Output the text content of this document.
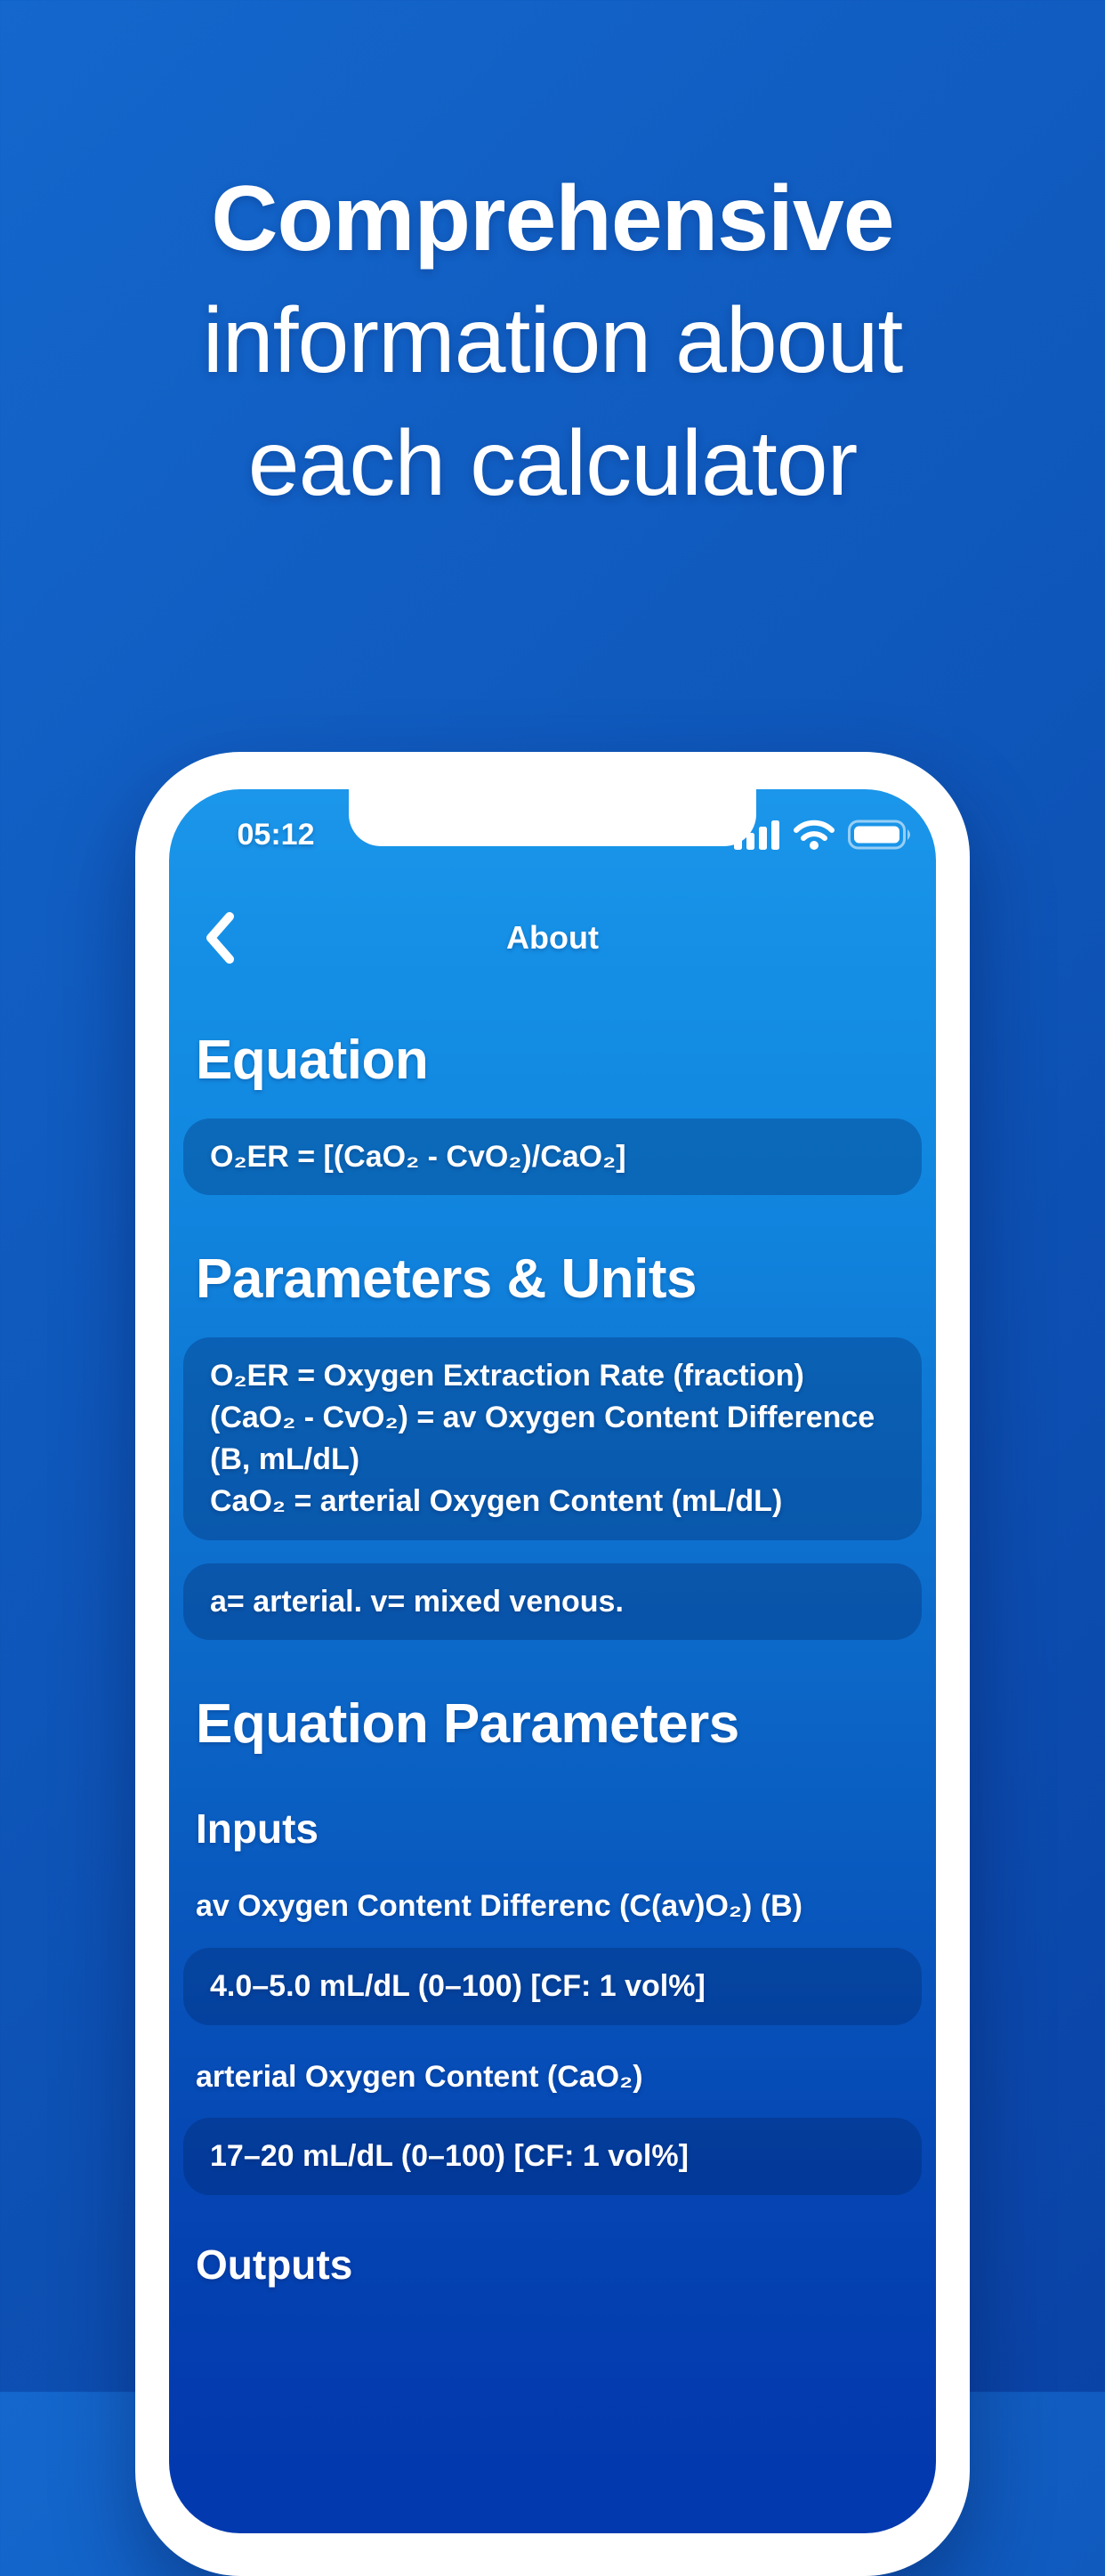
Comprehensive
information about
each calculator
05:12
About
Equation
O₂ER = [(CaO₂ - CvO₂)/CaO₂]
Parameters & Units
O₂ER = Oxygen Extraction Rate (fraction)
(CaO₂ - CvO₂) = av Oxygen Content Difference (B, mL/dL)
CaO₂ = arterial Oxygen Content (mL/dL)
a= arterial. v= mixed venous.
Equation Parameters
Inputs
av Oxygen Content Differenc (C(av)O₂) (B)
4.0–5.0 mL/dL (0–100) [CF: 1 vol%]
arterial Oxygen Content (CaO₂)
17–20 mL/dL (0–100) [CF: 1 vol%]
Outputs
